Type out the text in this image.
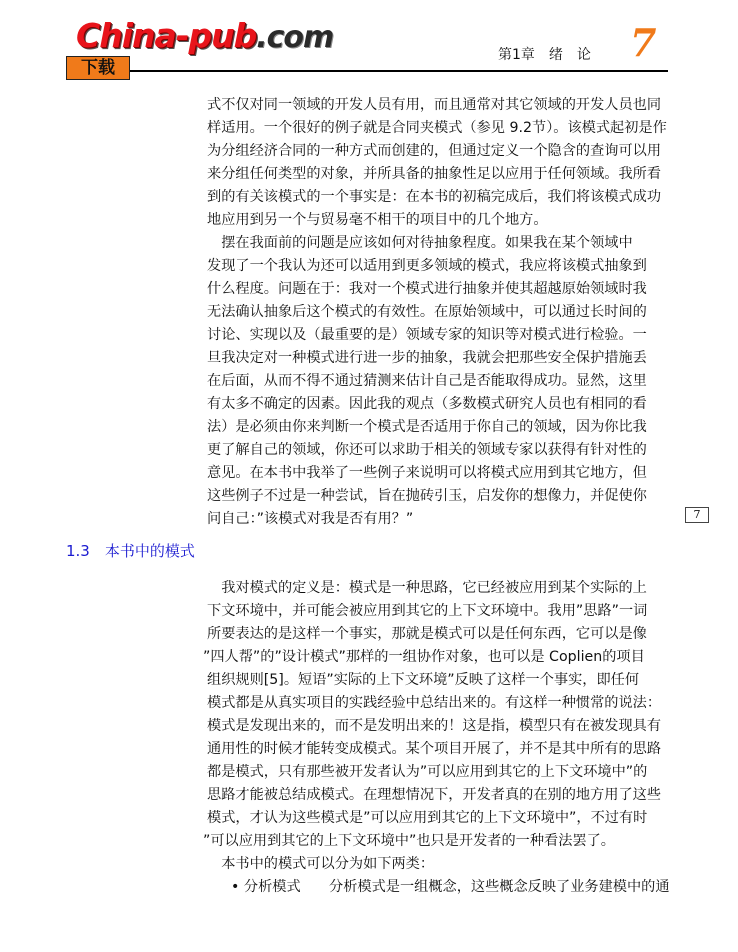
China-pub.com
下载
第1章　绪　论 7
式不仅对同一领域的开发人员有用，而且通常对其它领域的开发人员也同
样适用。一个很好的例子就是合同夹模式（参见 9.2节）。该模式起初是作
为分组经济合同的一种方式而创建的，但通过定义一个隐含的查询可以用
来分组任何类型的对象，并所具备的抽象性足以应用于任何领域。我所看
到的有关该模式的一个事实是：在本书的初稿完成后，我们将该模式成功
地应用到另一个与贸易毫不相干的项目中的几个地方。
　摆在我面前的问题是应该如何对待抽象程度。如果我在某个领域中
发现了一个我认为还可以适用到更多领域的模式，我应将该模式抽象到
什么程度。问题在于：我对一个模式进行抽象并使其超越原始领域时我
无法确认抽象后这个模式的有效性。在原始领域中，可以通过长时间的
讨论、实现以及（最重要的是）领域专家的知识等对模式进行检验。一
旦我决定对一种模式进行进一步的抽象，我就会把那些安全保护措施丢
在后面，从而不得不通过猜测来估计自己是否能取得成功。显然，这里
有太多不确定的因素。因此我的观点（多数模式研究人员也有相同的看
法）是必须由你来判断一个模式是否适用于你自己的领域，因为你比我
更了解自己的领域，你还可以求助于相关的领域专家以获得有针对性的
意见。在本书中我举了一些例子来说明可以将模式应用到其它地方，但
这些例子不过是一种尝试，旨在抛砖引玉，启发你的想像力，并促使你
问自己：”该模式对我是否有用？”	7
1.3　本书中的模式
　我对模式的定义是：模式是一种思路，它已经被应用到某个实际的上
下文环境中，并可能会被应用到其它的上下文环境中。我用”思路”一词
所要表达的是这样一个事实，那就是模式可以是任何东西，它可以是像
”四人帮”的”设计模式”那样的一组协作对象，也可以是 Coplien的项目
组织规则[5]。短语”实际的上下文环境”反映了这样一个事实，即任何
模式都是从真实项目的实践经验中总结出来的。有这样一种惯常的说法：
模式是发现出来的，而不是发明出来的！这是指，模型只有在被发现具有
通用性的时候才能转变成模式。某个项目开展了，并不是其中所有的思路
都是模式，只有那些被开发者认为”可以应用到其它的上下文环境中”的
思路才能被总结成模式。在理想情况下，开发者真的在别的地方用了这些
模式，才认为这些模式是”可以应用到其它的上下文环境中”，不过有时
”可以应用到其它的上下文环境中”也只是开发者的一种看法罢了。
　本书中的模式可以分为如下两类：
• 分析模式　　分析模式是一组概念，这些概念反映了业务建模中的通
